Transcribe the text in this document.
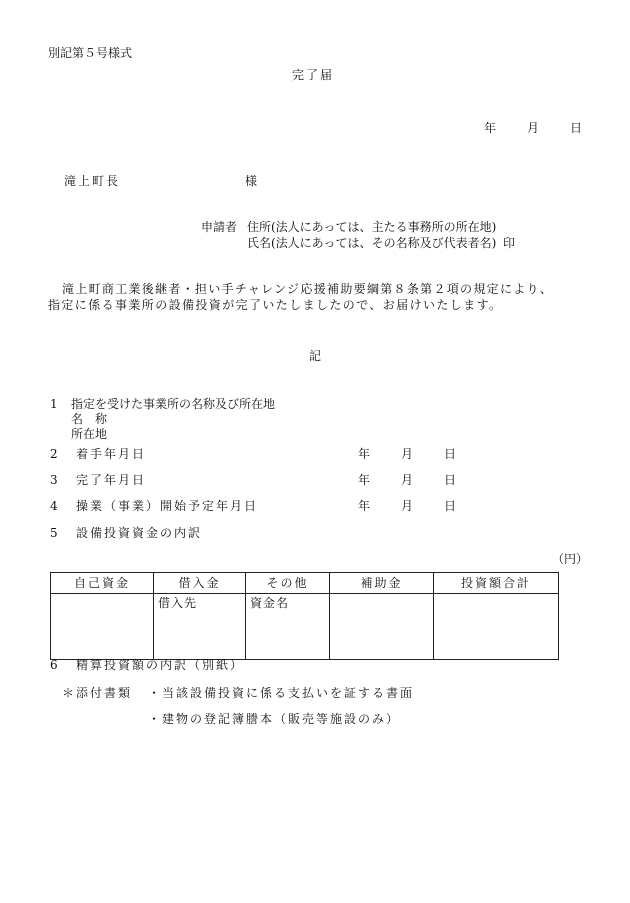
別記第５号様式
完了届
年	月	日
滝上町長	様
申請者 住所(法人にあっては、主たる事務所の所在地)
氏名(法人にあっては、その名称及び代表者名) 印
滝上町商工業後継者・担い手チャレンジ応援補助要綱第８条第２項の規定により、
指定に係る事業所の設備投資が完了いたしましたので、お届けいたします。
記
1 指定を受けた事業所の名称及び所在地
名　称
所在地
2 着手年月日	年	月	日
3 完了年月日	年	月	日
4 操業（事業）開始予定年月日	年	月	日
5 設備投資資金の内訳
（円）
自己資金	借入金	その他	補助金	投資額合計
	借入先	資金名		
6 精算投資額の内訳（別紙）
＊添付書類 ・当該設備投資に係る支払いを証する書面
・建物の登記簿謄本（販売等施設のみ）
